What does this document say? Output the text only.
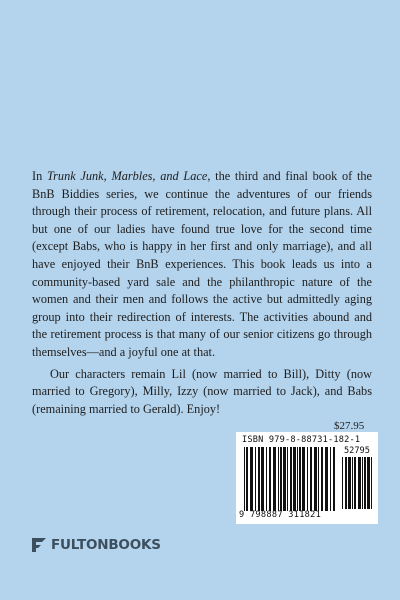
In Trunk Junk, Marbles, and Lace, the third and final book of the BnB Biddies series, we continue the adventures of our friends through their process of retirement, relocation, and future plans. All but one of our ladies have found true love for the second time (except Babs, who is happy in her first and only marriage), and all have enjoyed their BnB experiences. This book leads us into a community-based yard sale and the philanthropic nature of the women and their men and follows the active but admittedly aging group into their redirection of interests. The activities abound and the retirement process is that many of our senior citizens go through themselves—and a joyful one at that.

Our characters remain Lil (now married to Bill), Ditty (now married to Gregory), Milly, Izzy (now married to Jack), and Babs (remaining married to Gerald). Enjoy!

$27.95
ISBN 979-8-88731-182-1
52795
9 798887 311821
FULTONBOOKS
